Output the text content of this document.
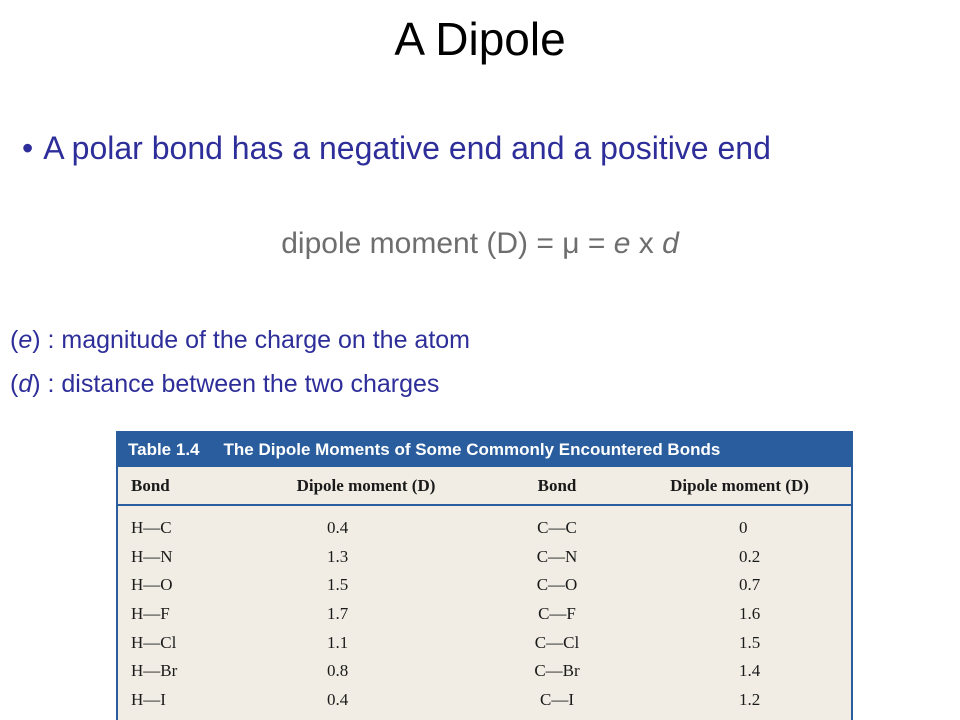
A Dipole
• A polar bond has a negative end and a positive end
dipole moment (D) = μ = e x d
(e) : magnitude of the charge on the atom
(d) : distance between the two charges
Table 1.4 The Dipole Moments of Some Commonly Encountered Bonds
Bond	Dipole moment (D)	Bond	Dipole moment (D)
H—C	0.4	C—C	0
H—N	1.3	C—N	0.2
H—O	1.5	C—O	0.7
H—F	1.7	C—F	1.6
H—Cl	1.1	C—Cl	1.5
H—Br	0.8	C—Br	1.4
H—I	0.4	C—I	1.2
